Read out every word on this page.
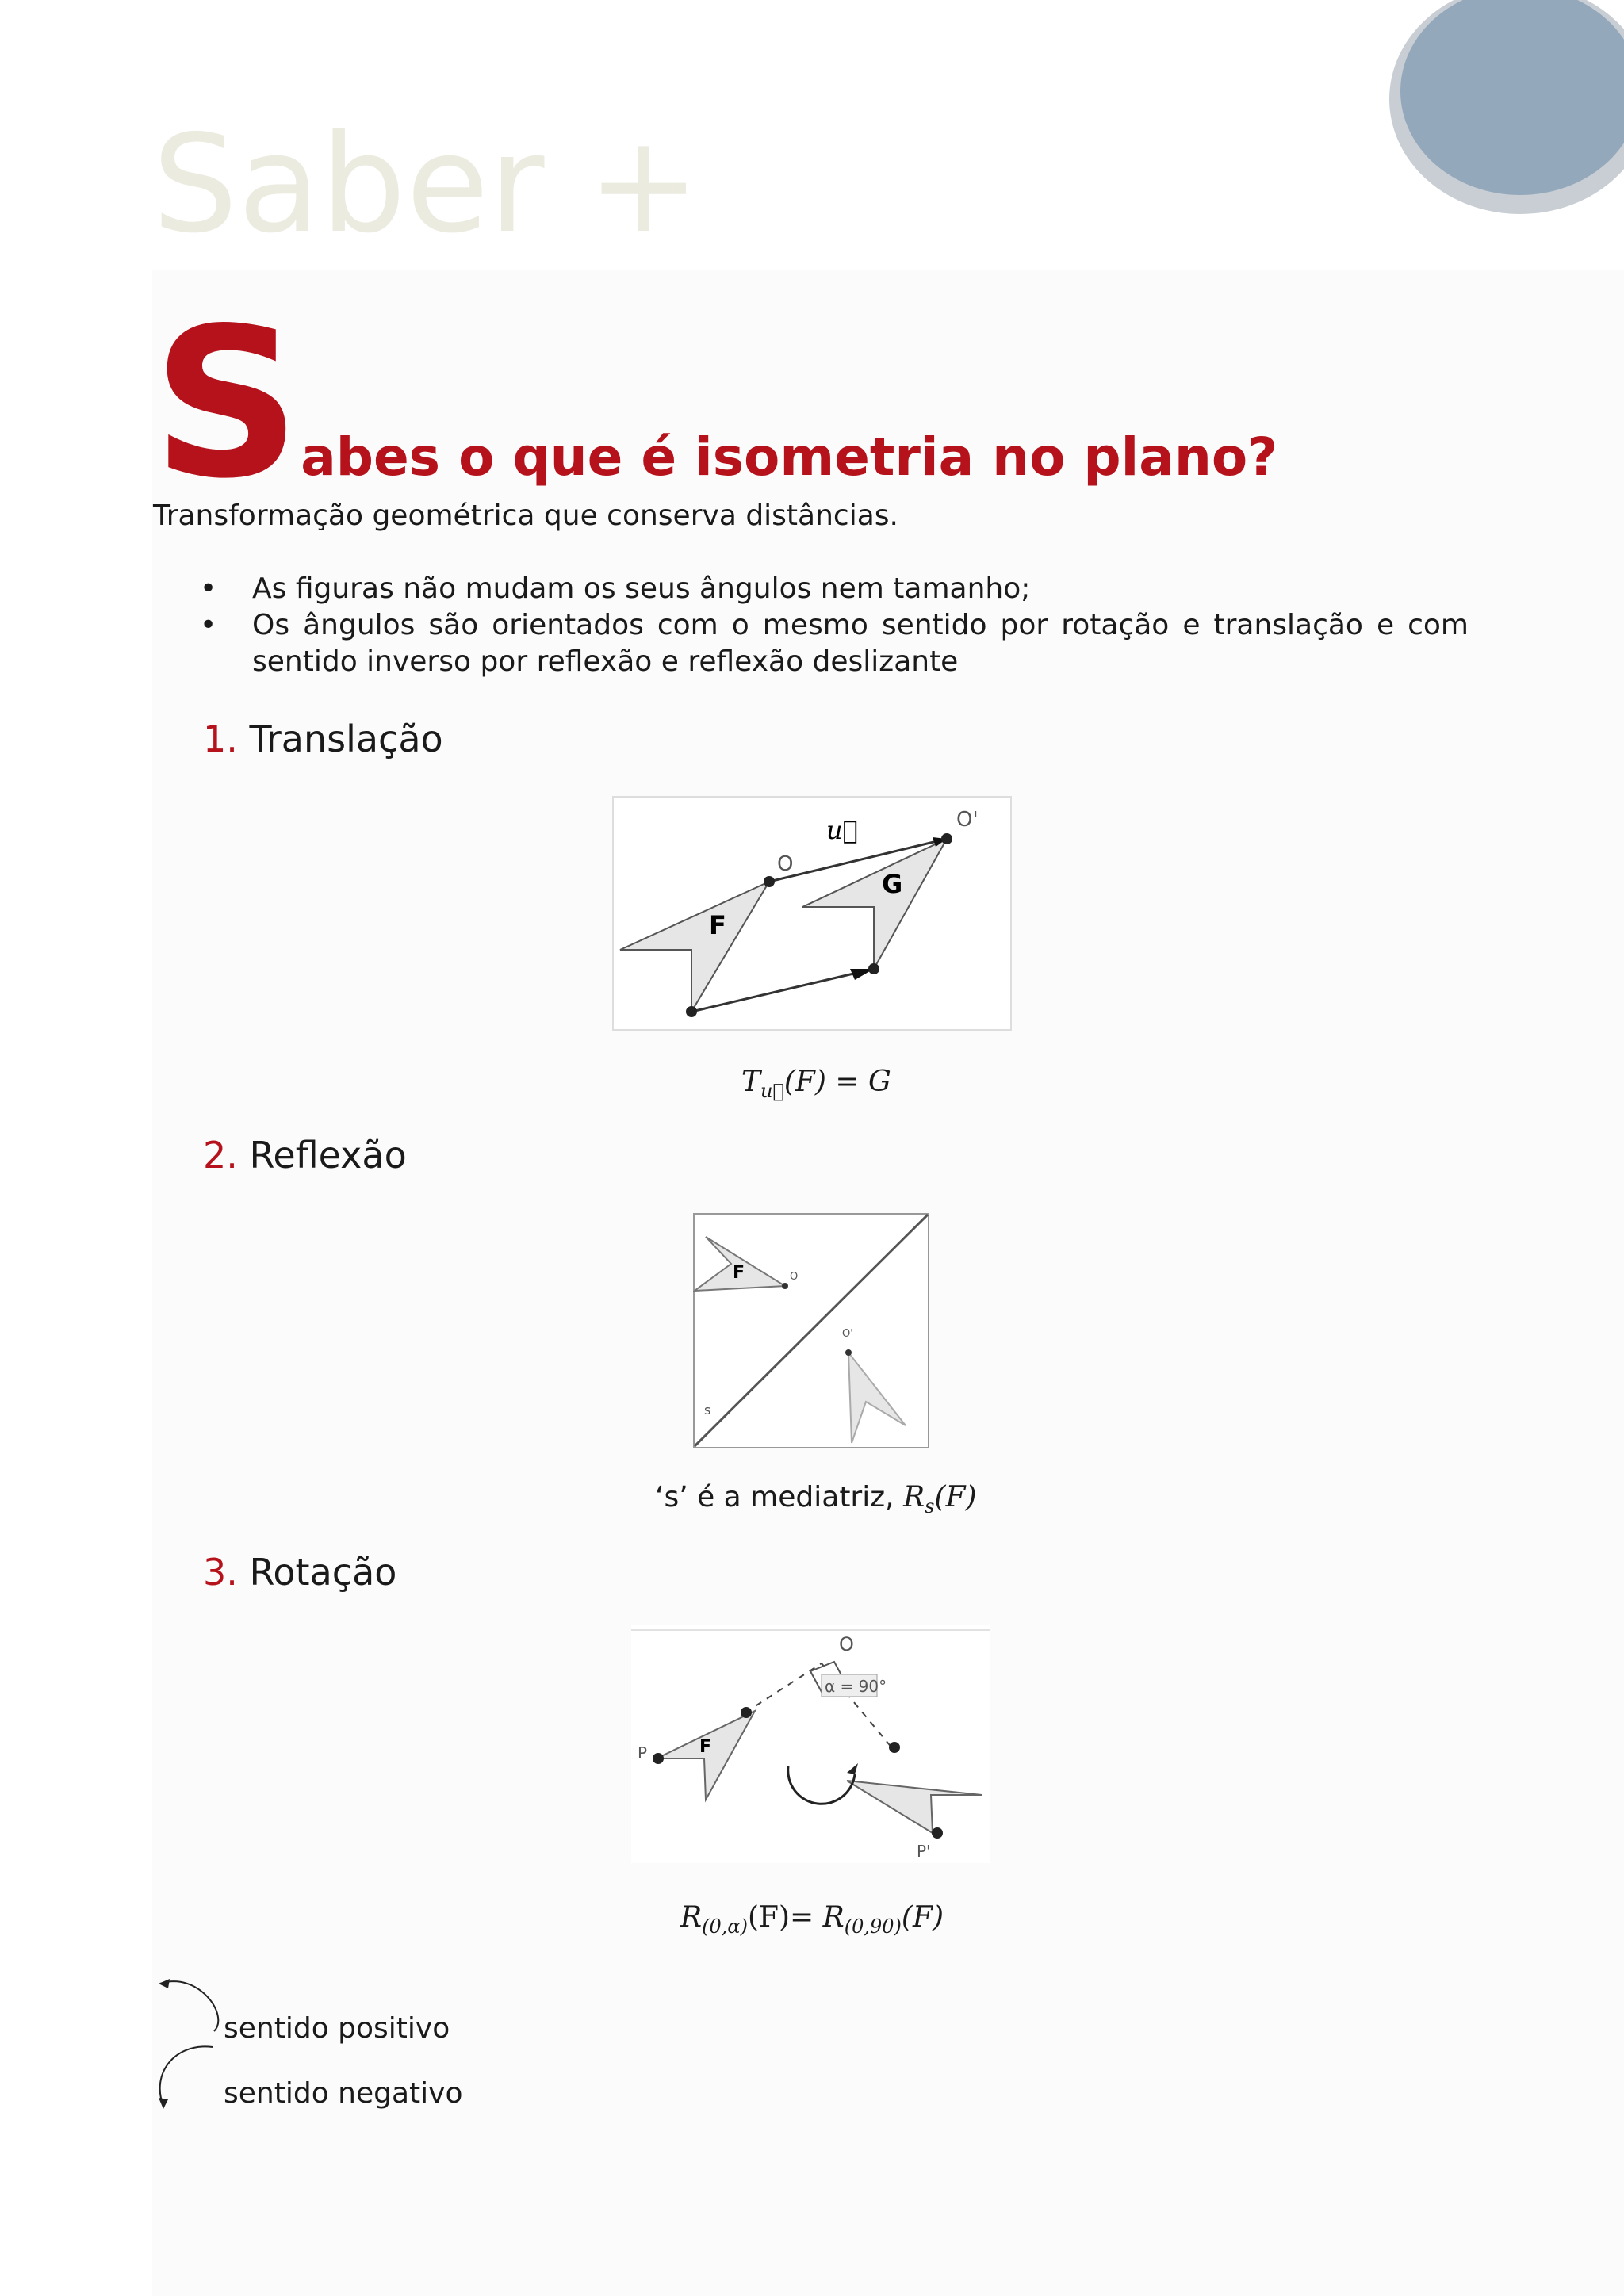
Saber +
Sabes o que é isometria no plano?
Transformação geométrica que conserva distâncias.
• As figuras não mudam os seus ângulos nem tamanho;
• Os ângulos são orientados com o mesmo sentido por rotação e translação e com sentido inverso por reflexão e reflexão deslizante
1. Translação
u⃗
O
O'
F
G
$T_{u⃗}(F) = G$
2. Reflexão
F	O
O'
s
‘s’ é a mediatriz, $R_s(F)$
3. Rotação
α = 90°
O
F
P
P'
$R_{(0,\alpha)}(F)= R_{(0,90)}(F)$
sentido positivo
sentido negativo
